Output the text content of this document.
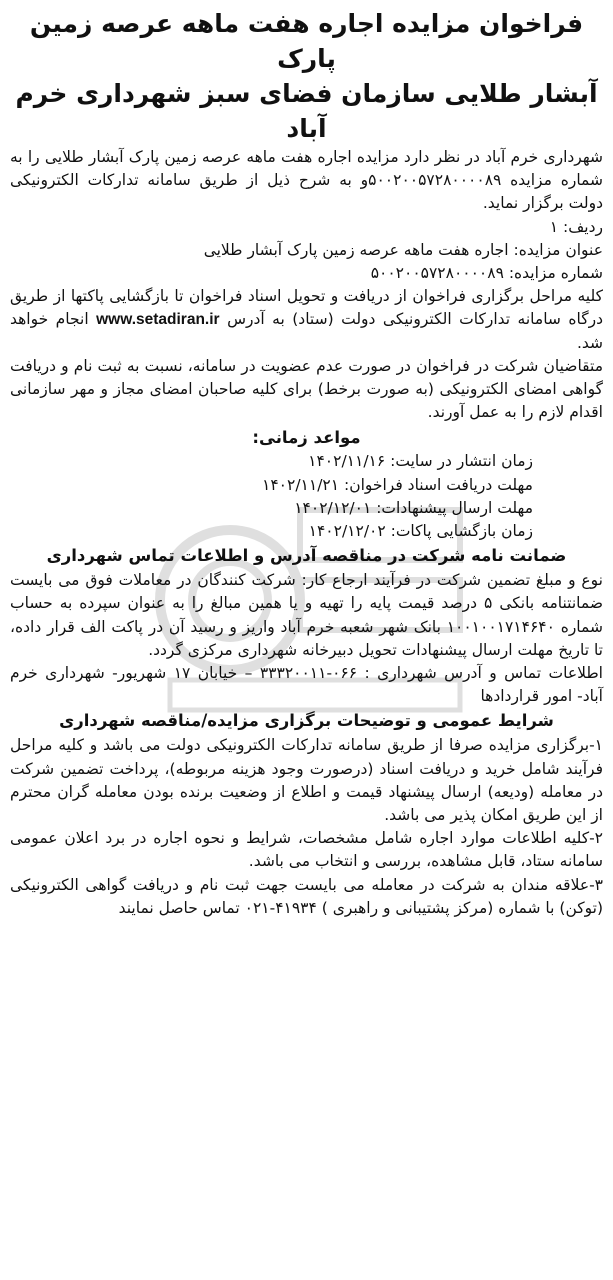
فراخوان مزایده اجاره هفت ماهه عرصه زمین پارک
آبشار طلایی سازمان فضای سبز شهرداری خرم آباد

شهرداری خرم آباد در نظر دارد مزایده اجاره هفت ماهه عرصه زمین پارک آبشار طلایی را به شماره مزایده ۵۰۰۲۰۰۵۷۲۸۰۰۰۰۸۹و به شرح ذیل از طریق سامانه تدارکات الکترونیکی دولت برگزار نماید.

ردیف: ۱

عنوان مزایده: اجاره هفت ماهه عرصه زمین پارک آبشار طلایی

شماره مزایده: ۵۰۰۲۰۰۵۷۲۸۰۰۰۰۸۹

کلیه مراحل برگزاری فراخوان از دریافت و تحویل اسناد فراخوان تا بازگشایی پاکتها از طریق درگاه سامانه تدارکات الکترونیکی دولت (ستاد) به آدرس www.setadiran.ir انجام خواهد شد.

متقاضیان شرکت در فراخوان در صورت عدم عضویت در سامانه، نسبت به ثبت نام و دریافت گواهی امضای الکترونیکی (به صورت برخط) برای کلیه صاحبان امضای مجاز و مهر سازمانی اقدام لازم را به عمل آورند.

مواعد زمانی:

زمان انتشار در سایت: ۱۴۰۲/۱۱/۱۶

مهلت دریافت اسناد فراخوان: ۱۴۰۲/۱۱/۲۱

مهلت ارسال پیشنهادات: ۱۴۰۲/۱۲/۰۱

زمان بازگشایی پاکات: ۱۴۰۲/۱۲/۰۲

ضمانت نامه شرکت در مناقصه آدرس و اطلاعات تماس شهرداری

نوع و مبلغ تضمین شرکت در فرآیند ارجاع کار: شرکت کنندگان در معاملات فوق می بایست ضمانتنامه بانکی ۵ درصد قیمت پایه را تهیه و یا همین مبالغ را به عنوان سپرده به حساب شماره ۱۰۰۱۰۰۱۷۱۴۶۴۰ بانک شهر شعبه خرم آباد واریز و رسید آن در پاکت الف قرار داده، تا تاریخ مهلت ارسال پیشنهادات تحویل دبیرخانه شهرداری مرکزی گردد.

اطلاعات تماس و آدرس شهرداری : ۰۶۶-۳۳۳۲۰۰۱۱ – خیابان ۱۷ شهریور- شهرداری خرم آباد- امور قراردادها

شرایط عمومی و توضیحات برگزاری مزایده/مناقصه شهرداری

۱-برگزاری مزایده صرفا از طریق سامانه تدارکات الکترونیکی دولت می باشد و کلیه مراحل فرآیند شامل خرید و دریافت اسناد (درصورت وجود هزینه مربوطه)، پرداخت تضمین شرکت در معامله (ودیعه) ارسال پیشنهاد قیمت و اطلاع از وضعیت برنده بودن معامله گران محترم از این طریق امکان پذیر می باشد.

۲-کلیه اطلاعات موارد اجاره شامل مشخصات، شرایط و نحوه اجاره در برد اعلان عمومی سامانه ستاد، قابل مشاهده، بررسی و انتخاب می باشد.

۳-علاقه مندان به شرکت در معامله می بایست جهت ثبت نام و دریافت گواهی الکترونیکی (توکن) با شماره (مرکز پشتیبانی و راهبری ) ۴۱۹۳۴-۰۲۱ تماس حاصل نمایند
